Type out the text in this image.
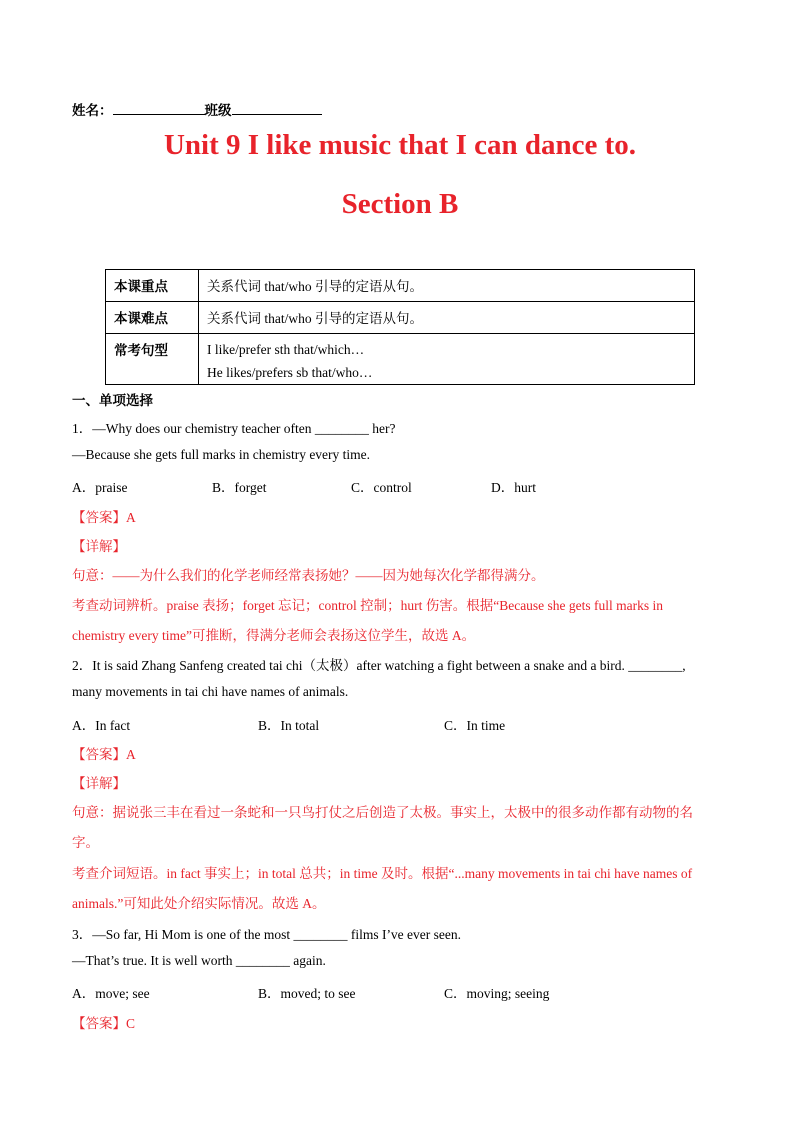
姓名：	班级
Unit 9 I like music that I can dance to.
Section B
本课重点	关系代词 that/who 引导的定语从句。
本课难点	关系代词 that/who 引导的定语从句。
常考句型	I like/prefer sth that/which…
He likes/prefers sb that/who…
一、单项选择
1．—Why does our chemistry teacher often ________ her?
—Because she gets full marks in chemistry every time.
A．praise	B．forget	C．control	D．hurt
【答案】A
【详解】
句意：——为什么我们的化学老师经常表扬她？——因为她每次化学都得满分。
考查动词辨析。praise 表扬；forget 忘记；control 控制；hurt 伤害。根据“Because she gets full marks in
chemistry every time”可推断，得满分老师会表扬这位学生，故选 A。
2．It is said Zhang Sanfeng created tai chi（太极）after watching a fight between a snake and a bird. ________,
many movements in tai chi have names of animals.
A．In fact	B．In total	C．In time
【答案】A
【详解】
句意：据说张三丰在看过一条蛇和一只鸟打仗之后创造了太极。事实上，太极中的很多动作都有动物的名
字。
考查介词短语。in fact 事实上；in total 总共；in time 及时。根据“...many movements in tai chi have names of
animals.”可知此处介绍实际情况。故选 A。
3．—So far, Hi Mom is one of the most ________ films I’ve ever seen.
—That’s true. It is well worth ________ again.
A．move; see	B．moved; to see	C．moving; seeing
【答案】C
